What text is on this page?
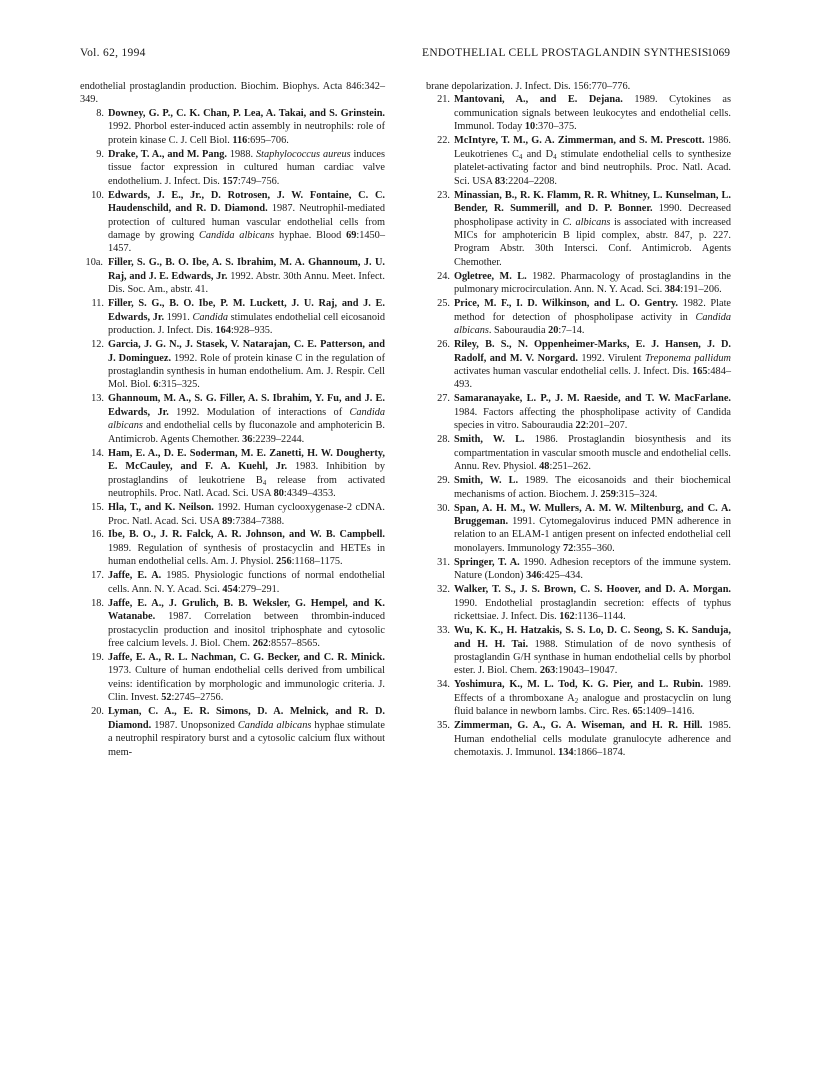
Vol. 62, 1994	ENDOTHELIAL CELL PROSTAGLANDIN SYNTHESIS
1069
endothelial prostaglandin production. Biochim. Biophys. Acta 846:342–349.
8. Downey, G. P., C. K. Chan, P. Lea, A. Takai, and S. Grinstein. 1992. Phorbol ester-induced actin assembly in neutrophils: role of protein kinase C. J. Cell Biol. 116:695–706.
9. Drake, T. A., and M. Pang. 1988. Staphylococcus aureus induces tissue factor expression in cultured human cardiac valve endothelium. J. Infect. Dis. 157:749–756.
10. Edwards, J. E., Jr., D. Rotrosen, J. W. Fontaine, C. C. Haudenschild, and R. D. Diamond. 1987. Neutrophil-mediated protection of cultured human vascular endothelial cells from damage by growing Candida albicans hyphae. Blood 69:1450–1457.
10a. Filler, S. G., B. O. Ibe, A. S. Ibrahim, M. A. Ghannoum, J. U. Raj, and J. E. Edwards, Jr. 1992. Abstr. 30th Annu. Meet. Infect. Dis. Soc. Am., abstr. 41.
11. Filler, S. G., B. O. Ibe, P. M. Luckett, J. U. Raj, and J. E. Edwards, Jr. 1991. Candida stimulates endothelial cell eicosanoid production. J. Infect. Dis. 164:928–935.
12. Garcia, J. G. N., J. Stasek, V. Natarajan, C. E. Patterson, and J. Dominguez. 1992. Role of protein kinase C in the regulation of prostaglandin synthesis in human endothelium. Am. J. Respir. Cell Mol. Biol. 6:315–325.
13. Ghannoum, M. A., S. G. Filler, A. S. Ibrahim, Y. Fu, and J. E. Edwards, Jr. 1992. Modulation of interactions of Candida albicans and endothelial cells by fluconazole and amphotericin B. Antimicrob. Agents Chemother. 36:2239–2244.
14. Ham, E. A., D. E. Soderman, M. E. Zanetti, H. W. Dougherty, E. McCauley, and F. A. Kuehl, Jr. 1983. Inhibition by prostaglandins of leukotriene $B_4$ release from activated neutrophils. Proc. Natl. Acad. Sci. USA 80:4349–4353.
15. Hla, T., and K. Neilson. 1992. Human cyclooxygenase-2 cDNA. Proc. Natl. Acad. Sci. USA 89:7384–7388.
16. Ibe, B. O., J. R. Falck, A. R. Johnson, and W. B. Campbell. 1989. Regulation of synthesis of prostacyclin and HETEs in human endothelial cells. Am. J. Physiol. 256:1168–1175.
17. Jaffe, E. A. 1985. Physiologic functions of normal endothelial cells. Ann. N. Y. Acad. Sci. 454:279–291.
18. Jaffe, E. A., J. Grulich, B. B. Weksler, G. Hempel, and K. Watanabe. 1987. Correlation between thrombin-induced prostacyclin production and inositol triphosphate and cytosolic free calcium levels. J. Biol. Chem. 262:8557–8565.
19. Jaffe, E. A., R. L. Nachman, C. G. Becker, and C. R. Minick. 1973. Culture of human endothelial cells derived from umbilical veins: identification by morphologic and immunologic criteria. J. Clin. Invest. 52:2745–2756.
20. Lyman, C. A., E. R. Simons, D. A. Melnick, and R. D. Diamond. 1987. Unopsonized Candida albicans hyphae stimulate a neutrophil respiratory burst and a cytosolic calcium flux without mem-
brane depolarization. J. Infect. Dis. 156:770–776.
21. Mantovani, A., and E. Dejana. 1989. Cytokines as communication signals between leukocytes and endothelial cells. Immunol. Today 10:370–375.
22. McIntyre, T. M., G. A. Zimmerman, and S. M. Prescott. 1986. Leukotrienes $C_4$ and $D_4$ stimulate endothelial cells to synthesize platelet-activating factor and bind neutrophils. Proc. Natl. Acad. Sci. USA 83:2204–2208.
23. Minassian, B., R. K. Flamm, R. R. Whitney, L. Kunselman, L. Bender, R. Summerill, and D. P. Bonner. 1990. Decreased phospholipase activity in C. albicans is associated with increased MICs for amphotericin B lipid complex, abstr. 847, p. 227. Program Abstr. 30th Intersci. Conf. Antimicrob. Agents Chemother.
24. Ogletree, M. L. 1982. Pharmacology of prostaglandins in the pulmonary microcirculation. Ann. N. Y. Acad. Sci. 384:191–206.
25. Price, M. F., I. D. Wilkinson, and L. O. Gentry. 1982. Plate method for detection of phospholipase activity in Candida albicans. Sabouraudia 20:7–14.
26. Riley, B. S., N. Oppenheimer-Marks, E. J. Hansen, J. D. Radolf, and M. V. Norgard. 1992. Virulent Treponema pallidum activates human vascular endothelial cells. J. Infect. Dis. 165:484–493.
27. Samaranayake, L. P., J. M. Raeside, and T. W. MacFarlane. 1984. Factors affecting the phospholipase activity of Candida species in vitro. Sabouraudia 22:201–207.
28. Smith, W. L. 1986. Prostaglandin biosynthesis and its compartmentation in vascular smooth muscle and endothelial cells. Annu. Rev. Physiol. 48:251–262.
29. Smith, W. L. 1989. The eicosanoids and their biochemical mechanisms of action. Biochem. J. 259:315–324.
30. Span, A. H. M., W. Mullers, A. M. W. Miltenburg, and C. A. Bruggeman. 1991. Cytomegalovirus induced PMN adherence in relation to an ELAM-1 antigen present on infected endothelial cell monolayers. Immunology 72:355–360.
31. Springer, T. A. 1990. Adhesion receptors of the immune system. Nature (London) 346:425–434.
32. Walker, T. S., J. S. Brown, C. S. Hoover, and D. A. Morgan. 1990. Endothelial prostaglandin secretion: effects of typhus rickettsiae. J. Infect. Dis. 162:1136–1144.
33. Wu, K. K., H. Hatzakis, S. S. Lo, D. C. Seong, S. K. Sanduja, and H. H. Tai. 1988. Stimulation of de novo synthesis of prostaglandin G/H synthase in human endothelial cells by phorbol ester. J. Biol. Chem. 263:19043–19047.
34. Yoshimura, K., M. L. Tod, K. G. Pier, and L. Rubin. 1989. Effects of a thromboxane $A_2$ analogue and prostacyclin on lung fluid balance in newborn lambs. Circ. Res. 65:1409–1416.
35. Zimmerman, G. A., G. A. Wiseman, and H. R. Hill. 1985. Human endothelial cells modulate granulocyte adherence and chemotaxis. J. Immunol. 134:1866–1874.
